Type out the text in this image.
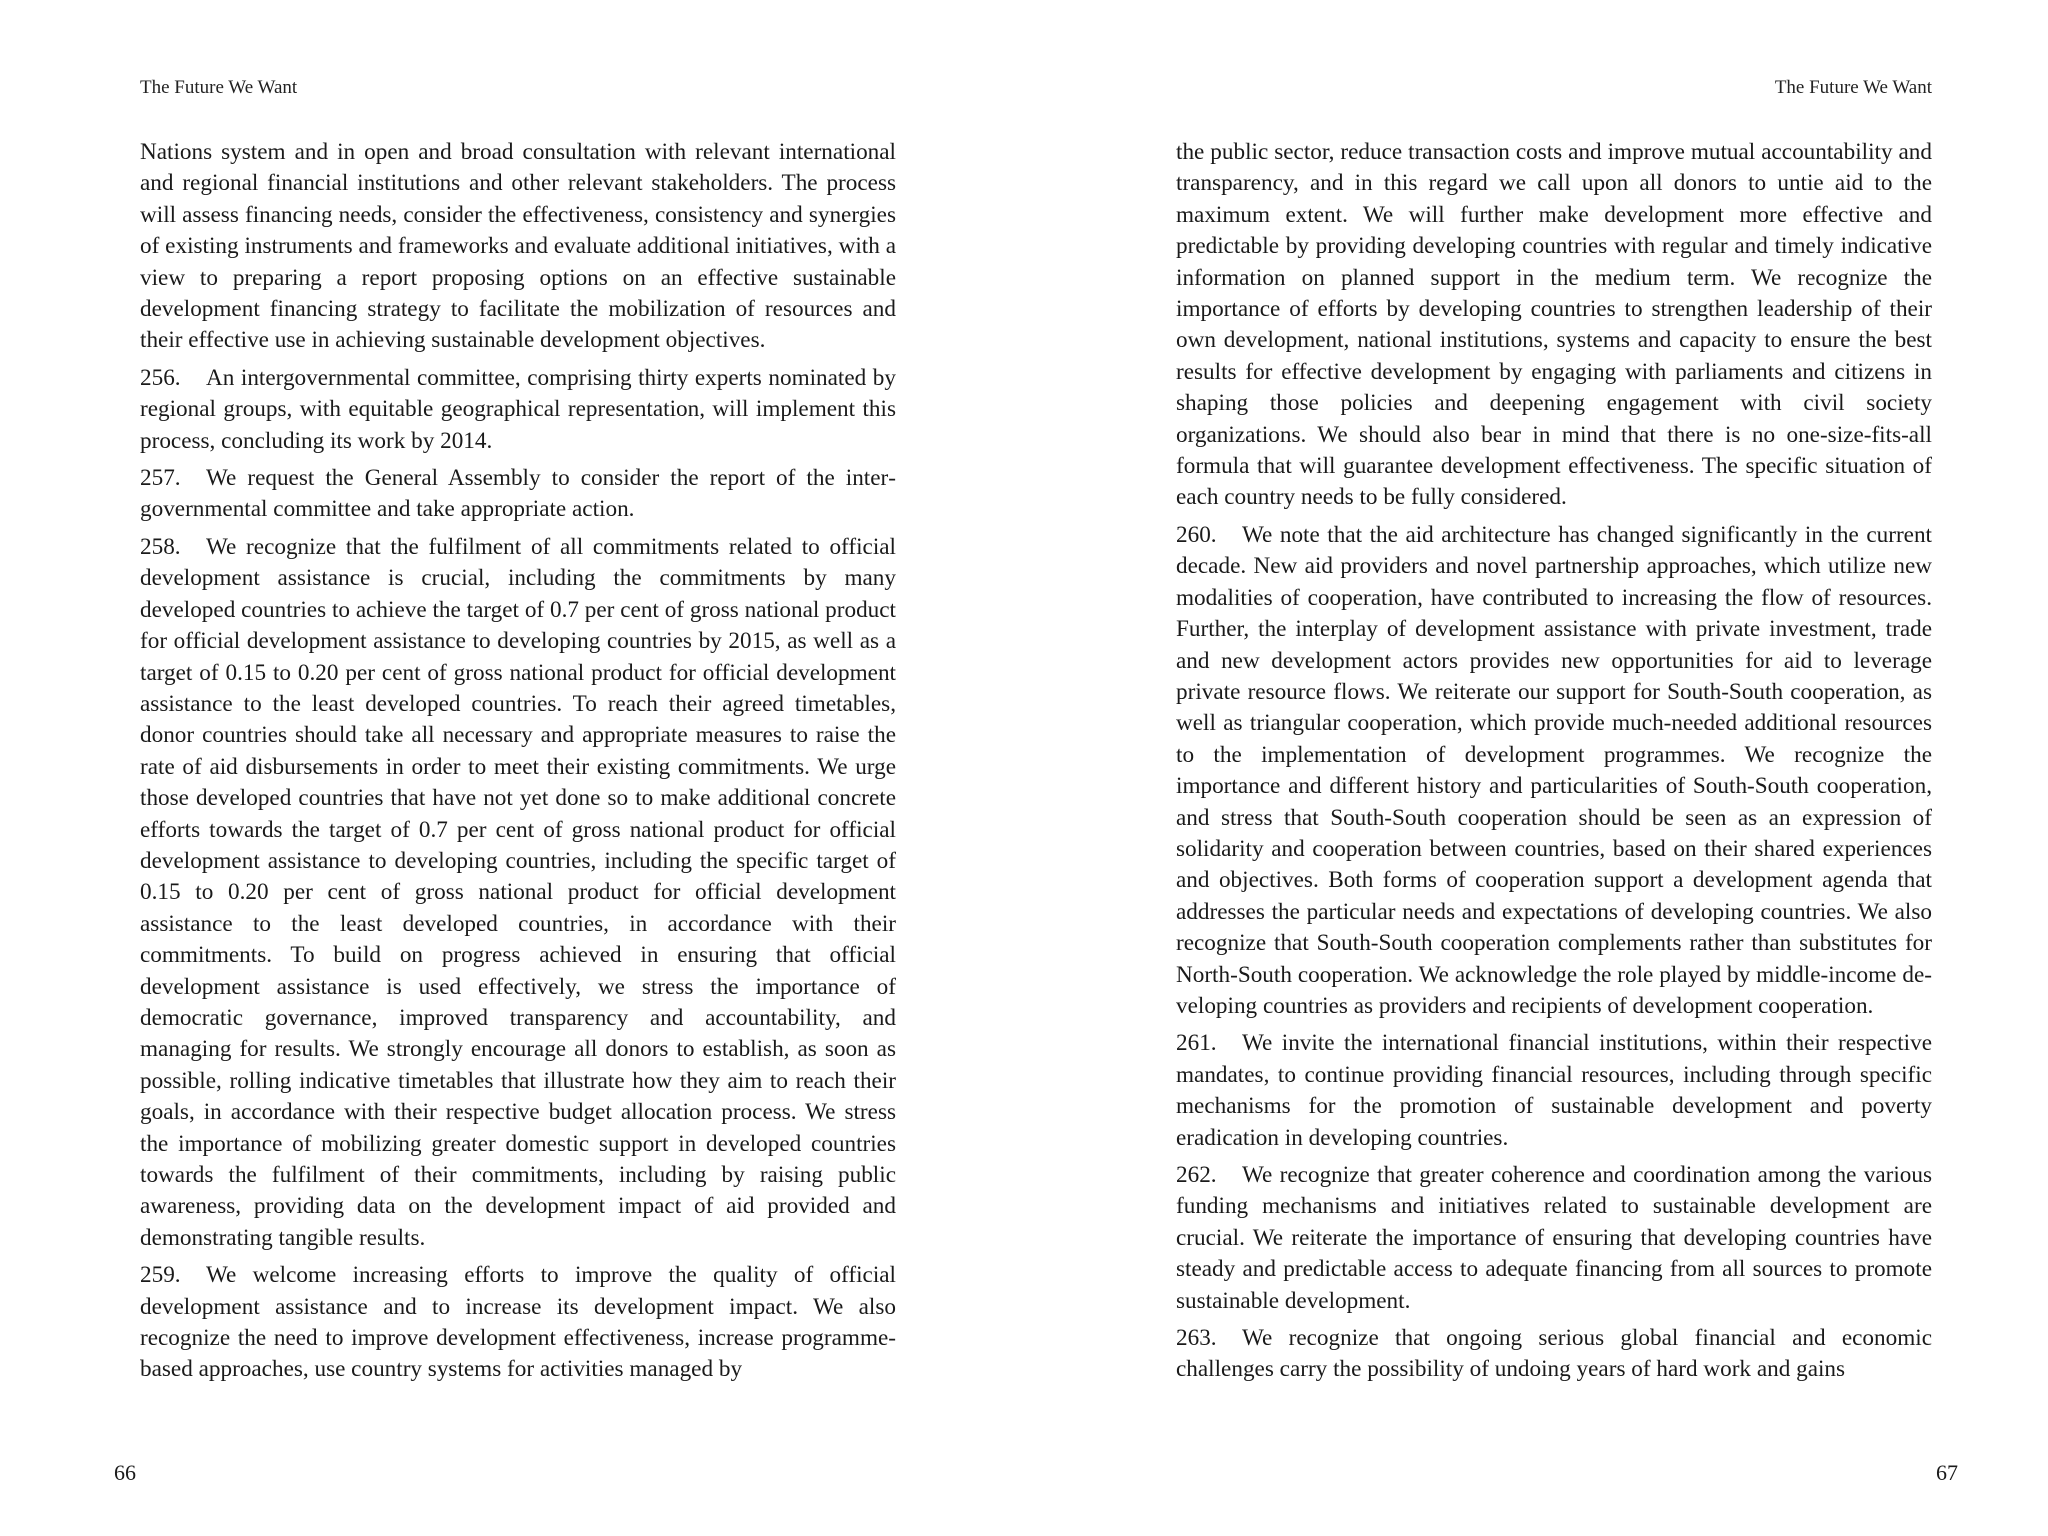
The Future We Want

Nations system and in open and broad consultation with relevant international and regional financial institutions and other relevant stakeholders. The process will assess financing needs, consider the effectiveness, consistency and synergies of existing instruments and frameworks and evaluate additional initiatives, with a view to preparing a report proposing options on an effective sustainable development financing strategy to facilitate the mobilization of resources and their effective use in achieving sustainable development objectives.

256. An intergovernmental committee, comprising thirty experts nominated by regional groups, with equitable geographical representation, will implement this process, concluding its work by 2014.

257. We request the General Assembly to consider the report of the intergovernmental committee and take appropriate action.

258. We recognize that the fulfilment of all commitments related to official development assistance is crucial, including the commitments by many developed countries to achieve the target of 0.7 per cent of gross national product for official development assistance to developing countries by 2015, as well as a target of 0.15 to 0.20 per cent of gross national product for official development assistance to the least developed countries. To reach their agreed timetables, donor countries should take all necessary and appropriate measures to raise the rate of aid disbursements in order to meet their existing commitments. We urge those developed countries that have not yet done so to make additional concrete efforts towards the target of 0.7 per cent of gross national product for official development assistance to developing countries, including the specific target of 0.15 to 0.20 per cent of gross national product for official development assistance to the least developed countries, in accordance with their commitments. To build on progress achieved in ensuring that official development assistance is used effectively, we stress the importance of democratic governance, improved transparency and accountability, and managing for results. We strongly encourage all donors to establish, as soon as possible, rolling indicative timetables that illustrate how they aim to reach their goals, in accordance with their respective budget allocation process. We stress the importance of mobilizing greater domestic support in developed countries towards the fulfilment of their commitments, including by raising public awareness, providing data on the development impact of aid provided and demonstrating tangible results.

259. We welcome increasing efforts to improve the quality of official development assistance and to increase its development impact. We also recognize the need to improve development effectiveness, increase programme-based approaches, use country systems for activities managed by

66
The Future We Want

the public sector, reduce transaction costs and improve mutual accountability and transparency, and in this regard we call upon all donors to untie aid to the maximum extent. We will further make development more effective and predictable by providing developing countries with regular and timely indicative information on planned support in the medium term. We recognize the importance of efforts by developing countries to strengthen leadership of their own development, national institutions, systems and capacity to ensure the best results for effective development by engaging with parliaments and citizens in shaping those policies and deepening engagement with civil society organizations. We should also bear in mind that there is no one-size-fits-all formula that will guarantee development effectiveness. The specific situation of each country needs to be fully considered.

260. We note that the aid architecture has changed significantly in the current decade. New aid providers and novel partnership approaches, which utilize new modalities of cooperation, have contributed to increasing the flow of resources. Further, the interplay of development assistance with private investment, trade and new development actors provides new opportunities for aid to leverage private resource flows. We reiterate our support for South-South cooperation, as well as triangular cooperation, which provide much-needed additional resources to the implementation of development programmes. We recognize the importance and different history and particularities of South-South cooperation, and stress that South-South cooperation should be seen as an expression of solidarity and cooperation between countries, based on their shared experiences and objectives. Both forms of cooperation support a development agenda that addresses the particular needs and expectations of developing countries. We also recognize that South-South cooperation complements rather than substitutes for North-South cooperation. We acknowledge the role played by middle-income developing countries as providers and recipients of development cooperation.

261. We invite the international financial institutions, within their respective mandates, to continue providing financial resources, including through specific mechanisms for the promotion of sustainable development and poverty eradication in developing countries.

262. We recognize that greater coherence and coordination among the various funding mechanisms and initiatives related to sustainable development are crucial. We reiterate the importance of ensuring that developing countries have steady and predictable access to adequate financing from all sources to promote sustainable development.

263. We recognize that ongoing serious global financial and economic challenges carry the possibility of undoing years of hard work and gains

67
